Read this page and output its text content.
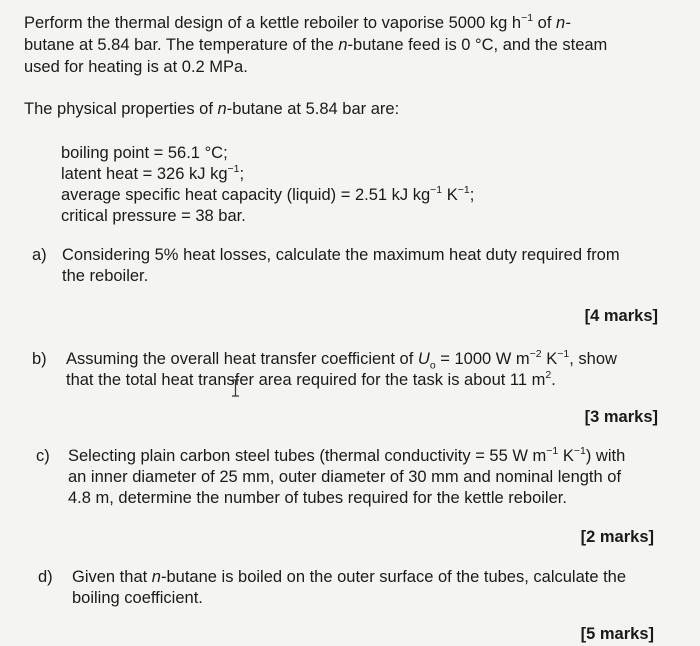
Perform the thermal design of a kettle reboiler to vaporise 5000 kg $h^{-1}$ of n-
butane at 5.84 bar. The temperature of the n-butane feed is 0 °C, and the steam
used for heating is at 0.2 MPa.
The physical properties of n-butane at 5.84 bar are:
boiling point = 56.1 °C;
latent heat = 326 kJ $kg^{-1}$;
average specific heat capacity (liquid) = 2.51 kJ $kg^{-1}$ $K^{-1}$;
critical pressure = 38 bar.
a) Considering 5% heat losses, calculate the maximum heat duty required from
the reboiler.
[4 marks]
b) Assuming the overall heat transfer coefficient of $U_o = 1000$ W $m^{-2}$ $K^{-1}$, show
that the total heat transfer area required for the task is about 11 $m^2$.
[3 marks]
c) Selecting plain carbon steel tubes (thermal conductivity = 55 W $m^{-1}$ $K^{-1}$) with
an inner diameter of 25 mm, outer diameter of 30 mm and nominal length of
4.8 m, determine the number of tubes required for the kettle reboiler.
[2 marks]
d) Given that n-butane is boiled on the outer surface of the tubes, calculate the
boiling coefficient.
[5 marks]
